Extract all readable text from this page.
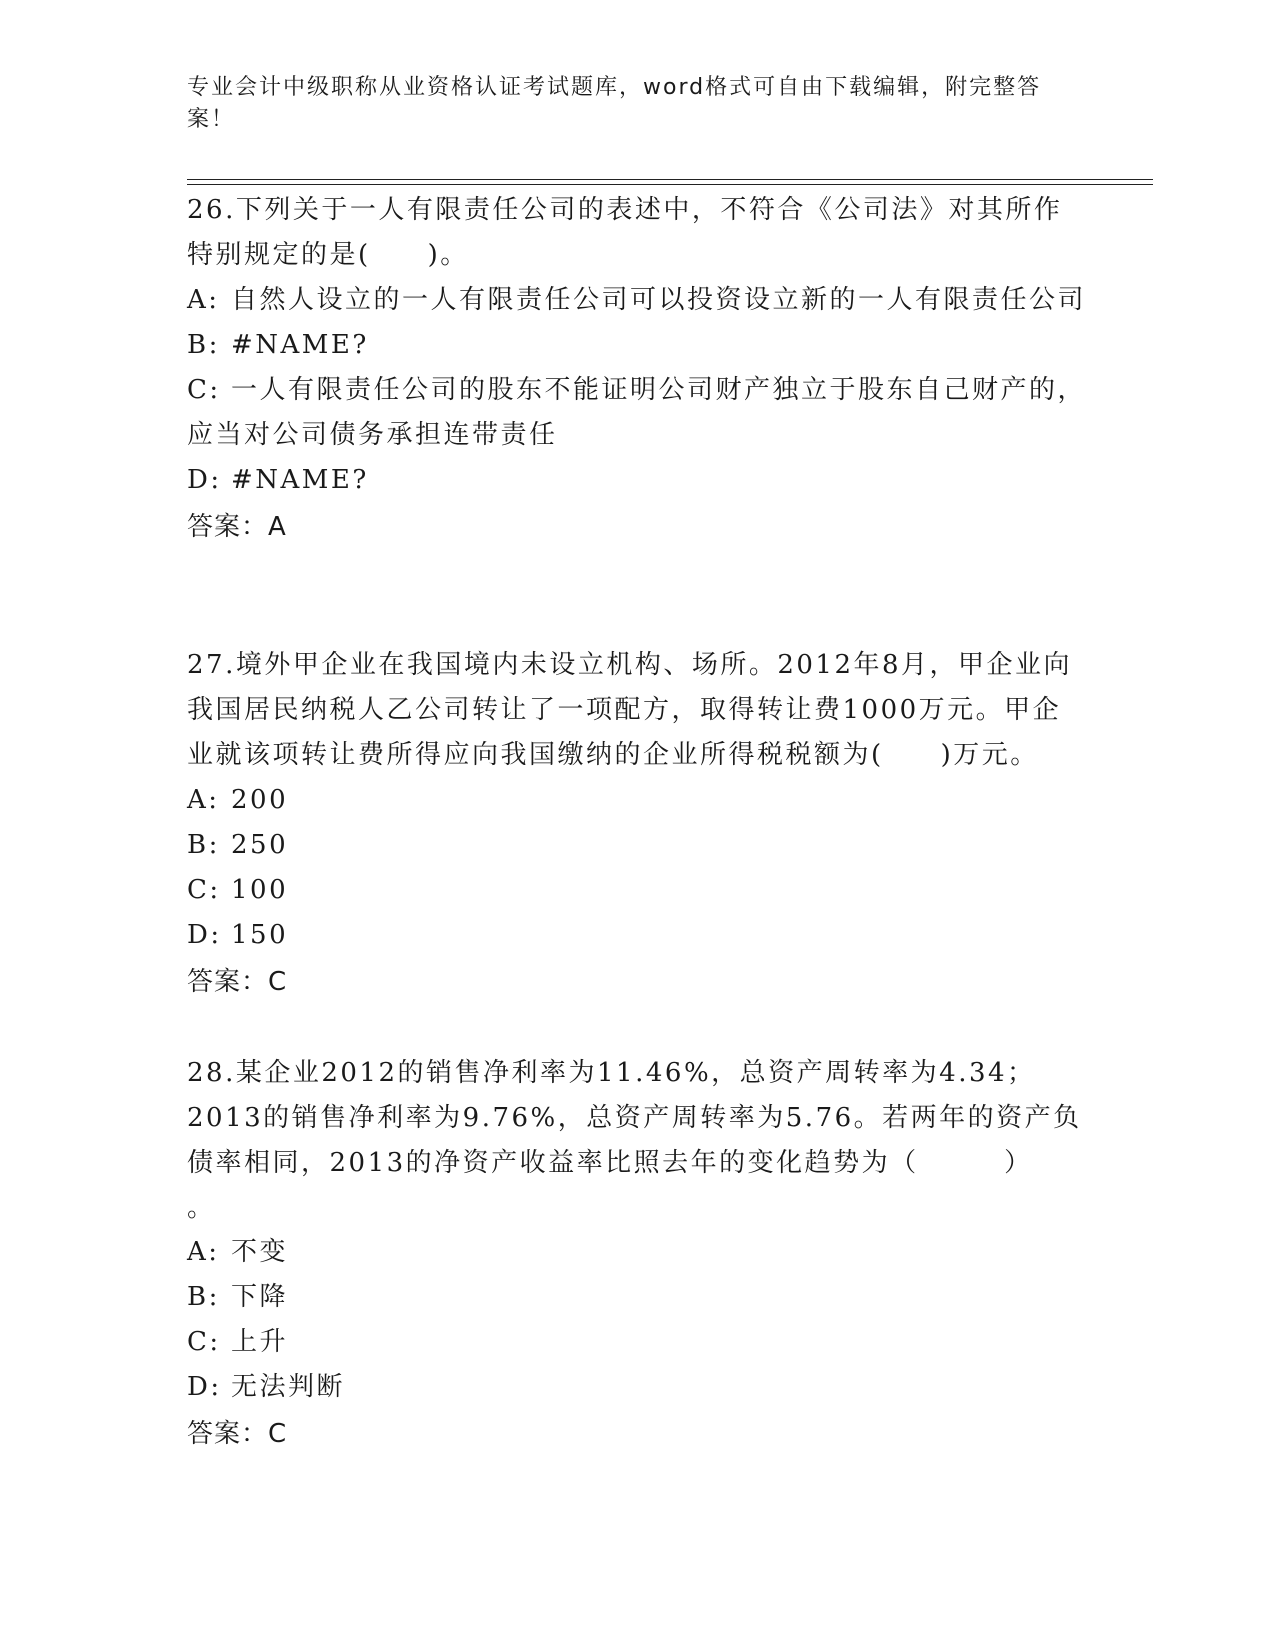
专业会计中级职称从业资格认证考试题库，word格式可自由下载编辑，附完整答案！

26.下列关于一人有限责任公司的表述中，不符合《公司法》对其所作特别规定的是(　　)。

A: 自然人设立的一人有限责任公司可以投资设立新的一人有限责任公司

B: #NAME?

C: 一人有限责任公司的股东不能证明公司财产独立于股东自己财产的，应当对公司债务承担连带责任

D: #NAME?

答案：A

27.境外甲企业在我国境内未设立机构、场所。2012年8月，甲企业向我国居民纳税人乙公司转让了一项配方，取得转让费1000万元。甲企业就该项转让费所得应向我国缴纳的企业所得税税额为(　　)万元。

A: 200

B: 250

C: 100

D: 150

答案：C

28.某企业2012的销售净利率为11.46%，总资产周转率为4.34；2013的销售净利率为9.76%，总资产周转率为5.76。若两年的资产负债率相同，2013的净资产收益率比照去年的变化趋势为（　　　）
。

A: 不变

B: 下降

C: 上升

D: 无法判断

答案：C
